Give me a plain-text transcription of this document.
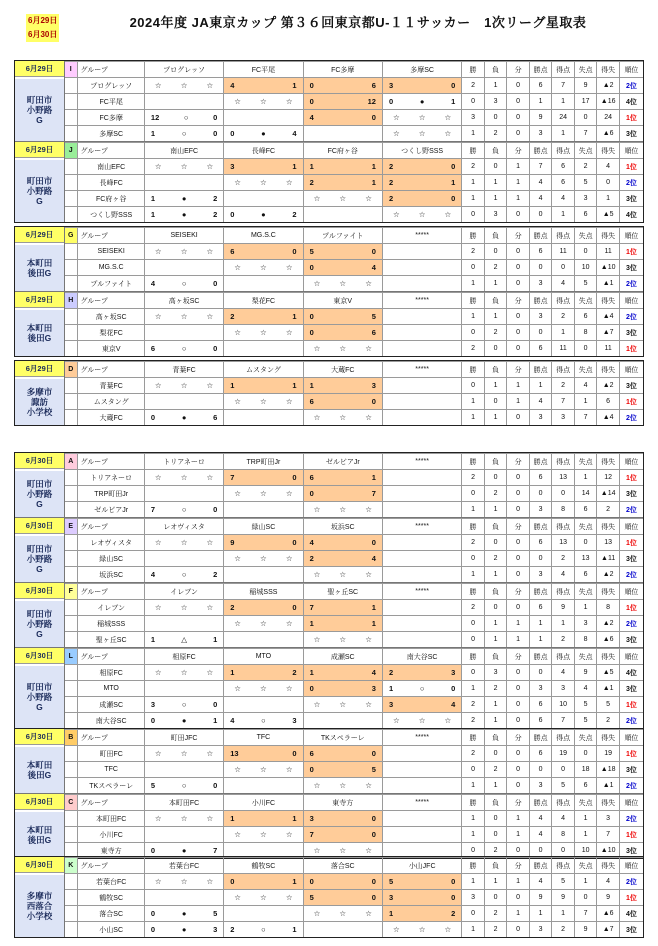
6月29日
6月30日
2024年度 JA東京カップ 第３６回東京都U-１１サッカー　1次リーグ星取表
6月29日
町田市
小野路
G
I	グループ	プログレッソ	FC平尾	FC多摩	多摩SC	勝	負	分	勝点	得点	失点	得失	順位
	プログレッソ	☆ ☆ ☆	4 1	0 6	3 0	2	1	0	6	7	9	▲2	2位
	FC平尾		☆ ☆ ☆	0 12	0 ● 1	0	3	0	1	1	17	▲16	4位
	FC多摩	12 ○ 0		4 0	☆ ☆ ☆	3	0	0	9	24	0	24	1位
	多摩SC	1 ○ 0	0 ● 4		☆ ☆ ☆	1	2	0	3	1	7	▲6	3位
6月29日
町田市
小野路
G
J	グループ	南山EFC	長峰FC	FC府ヶ谷	つくし野SSS	勝	負	分	勝点	得点	失点	得失	順位
	南山EFC	☆ ☆ ☆	3 1	1 1	2 0	2	0	1	7	6	2	4	1位
	長峰FC		☆ ☆ ☆	2 1	2 1	1	1	1	4	6	5	0	2位
	FC府ヶ谷	1 ● 2		☆ ☆ ☆	2 0	1	1	1	4	4	3	1	3位
	つくし野SSS	1 ● 2	0 ● 2		☆ ☆ ☆	0	3	0	0	1	6	▲5	4位
6月29日
本町田
後田G
G	グループ	SEISEKI	MG.S.C	プルファイト	*****	勝	負	分	勝点	得点	失点	得失	順位
	SEISEKI	☆ ☆ ☆	6 0	5 0		2	0	0	6	11	0	11	1位
	MG.S.C		☆ ☆ ☆	0 4		0	2	0	0	0	10	▲10	3位
	プルファイト	4 ○ 0		☆ ☆ ☆		1	1	0	3	4	5	▲1	2位
6月29日
本町田
後田G
H	グループ	高ヶ坂SC	梨花FC	東京V	*****	勝	負	分	勝点	得点	失点	得失	順位
	高ヶ坂SC	☆ ☆ ☆	2 1	0 5		1	1	0	3	2	6	▲4	2位
	梨花FC		☆ ☆ ☆	0 6		0	2	0	0	1	8	▲7	3位
	東京V	6 ○ 0		☆ ☆ ☆		2	0	0	6	11	0	11	1位
6月29日
多摩市
諏訪
小学校
D	グループ	青葉FC	ムスタング	大蔵FC	*****	勝	負	分	勝点	得点	失点	得失	順位
	青葉FC	☆ ☆ ☆	1 1	1 3		0	1	1	1	2	4	▲2	3位
	ムスタング		☆ ☆ ☆	6 0		1	0	1	4	7	1	6	1位
	大蔵FC	0 ● 6		☆ ☆ ☆		1	1	0	3	3	7	▲4	2位
6月30日
町田市
小野路
G
A	グループ	トリアネーロ	TRP町田Jr	ゼルビアJr	*****	勝	負	分	勝点	得点	失点	得失	順位
	トリアネーロ	☆ ☆ ☆	7 0	6 1		2	0	0	6	13	1	12	1位
	TRP町田Jr		☆ ☆ ☆	0 7		0	2	0	0	0	14	▲14	3位
	ゼルビアJr	7 ○ 0		☆ ☆ ☆		1	1	0	3	8	6	2	2位
6月30日
町田市
小野路
G
E	グループ	レオヴィスタ	緑山SC	坂浜SC	*****	勝	負	分	勝点	得点	失点	得失	順位
	レオヴィスタ	☆ ☆ ☆	9 0	4 0		2	0	0	6	13	0	13	1位
	緑山SC		☆ ☆ ☆	2 4		0	2	0	0	2	13	▲11	3位
	坂浜SC	4 ○ 2		☆ ☆ ☆		1	1	0	3	4	6	▲2	2位
6月30日
町田市
小野路
G
F	グループ	イレブン	稲城SSS	聖ヶ丘SC	*****	勝	負	分	勝点	得点	失点	得失	順位
	イレブン	☆ ☆ ☆	2 0	7 1		2	0	0	6	9	1	8	1位
	稲城SSS		☆ ☆ ☆	1 1		0	1	1	1	1	3	▲2	2位
	聖ヶ丘SC	1 △ 1		☆ ☆ ☆		0	1	1	1	2	8	▲6	3位
6月30日
町田市
小野路
G
L	グループ	相原FC	MTO	成瀬SC	南大谷SC	勝	負	分	勝点	得点	失点	得失	順位
	相原FC	☆ ☆ ☆	1 2	1 4	2 3	0	3	0	0	4	9	▲5	4位
	MTO		☆ ☆ ☆	0 3	1 ○ 0	1	2	0	3	3	4	▲1	3位
	成瀬SC	3 ○ 0		☆ ☆ ☆	3 4	2	1	0	6	10	5	5	1位
	南大谷SC	0 ● 1	4 ○ 3		☆ ☆ ☆	2	1	0	6	7	5	2	2位
6月30日
本町田
後田G
B	グループ	町田JFC	TFC	TKスペラーレ	*****	勝	負	分	勝点	得点	失点	得失	順位
	町田FC	☆ ☆ ☆	13 0	6 0		2	0	0	6	19	0	19	1位
	TFC		☆ ☆ ☆	0 5		0	2	0	0	0	18	▲18	3位
	TKスペラーレ	5 ○ 0		☆ ☆ ☆		1	1	0	3	5	6	▲1	2位
6月30日
本町田
後田G
C	グループ	本町田FC	小川FC	東寺方	*****	勝	負	分	勝点	得点	失点	得失	順位
	本町田FC	☆ ☆ ☆	1 1	3 0		1	0	1	4	4	1	3	2位
	小川FC		☆ ☆ ☆	7 0		1	0	1	4	8	1	7	1位
	東寺方	0 ● 7		☆ ☆ ☆		0	2	0	0	0	10	▲10	3位
6月30日
多摩市
西落合
小学校
K	グループ	若葉台FC	鶴牧SC	落合SC	小山JFC	勝	負	分	勝点	得点	失点	得失	順位
	若葉台FC	☆ ☆ ☆	0 1	0 0	5 0	1	1	1	4	5	1	4	2位
	鶴牧SC		☆ ☆ ☆	5 0	3 0	3	0	0	9	9	0	9	1位
	落合SC	0 ● 5		☆ ☆ ☆	1 2	0	2	1	1	1	7	▲6	4位
	小山SC	0 ● 3	2 ○ 1		☆ ☆ ☆	1	2	0	3	2	9	▲7	3位
